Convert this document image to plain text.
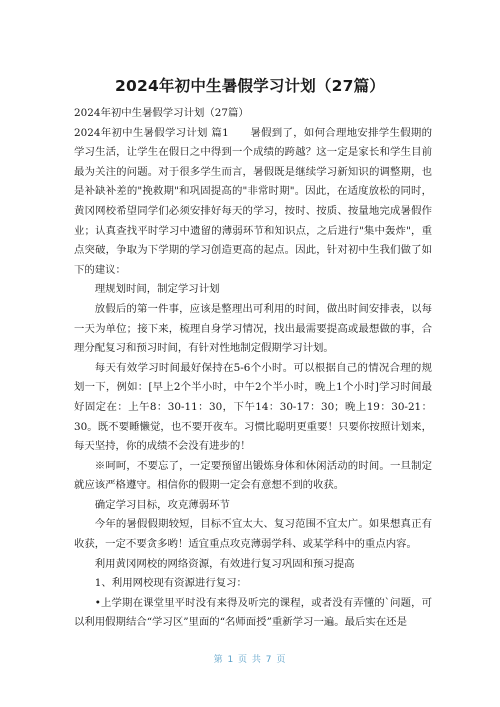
2024年初中生暑假学习计划（27篇）

2024年初中生暑假学习计划（27篇）

2024年初中生暑假学习计划 篇1　　暑假到了，如何合理地安排学生假期的学习生活，让学生在假日之中得到一个成绩的跨越？这一定是家长和学生目前最为关注的问题。对于很多学生而言，暑假既是继续学习新知识的调整期，也是补缺补差的"挽救期"和巩固提高的"非常时期"。因此，在适度放松的同时，黄冈网校希望同学们必须安排好每天的学习，按时、按质、按量地完成暑假作业；认真查找平时学习中遗留的薄弱环节和知识点，之后进行"集中轰炸"，重点突破，争取为下学期的学习创造更高的起点。因此，针对初中生我们做了如下的建议：

理规划时间，制定学习计划

放假后的第一件事，应该是整理出可利用的时间，做出时间安排表，以每一天为单位；接下来，梳理自身学习情况，找出最需要提高或最想做的事，合理分配复习和预习时间，有针对性地制定假期学习计划。

每天有效学习时间最好保持在5-6个小时。可以根据自己的情况合理的规划一下，例如：[早上2个半小时，中午2个半小时，晚上1个小时]学习时间最好固定在：上午8：30-11：30，下午14：30-17：30；晚上19：30-21：30。既不要睡懒觉，也不要开夜车。习惯比聪明更重要！只要你按照计划来，每天坚持，你的成绩不会没有进步的！

※呵呵，不要忘了，一定要预留出锻炼身体和休闲活动的时间。一旦制定就应该严格遵守。相信你的假期一定会有意想不到的收获。

确定学习目标，攻克薄弱环节

今年的暑假假期较短，目标不宜太大、复习范围不宜太广。如果想真正有收获，一定不要贪多哟！适宜重点攻克薄弱学科、或某学科中的重点内容。

利用黄冈网校的网络资源，有效进行复习巩固和预习提高

1、利用网校现有资源进行复习：

•上学期在课堂里平时没有来得及听完的课程，或者没有弄懂的`问题，可以利用假期结合“学习区”里面的“名师面授”重新学习一遍。最后实在还是

第 1 页 共 7 页
